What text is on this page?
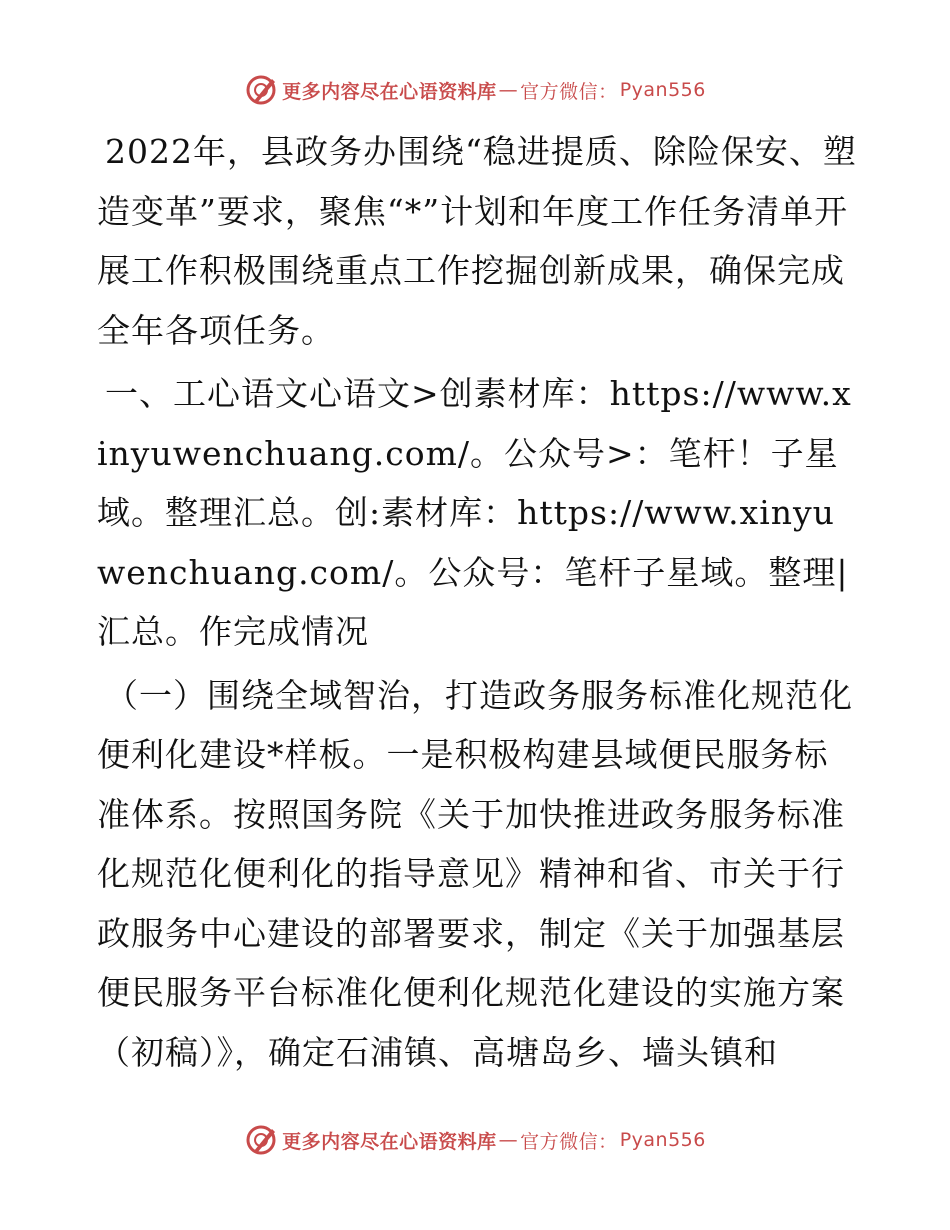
更多内容尽在心语资料库 — 官方微信： Pyan556

2022年，县政务办围绕“稳进提质、除险保安、塑造变革”要求，聚焦“*”计划和年度工作任务清单开展工作积极围绕重点工作挖掘创新成果，确保完成全年各项任务。

一、工心语文心语文>创素材库：https://www.xinyuwenchuang.com/。公众号>：笔杆！子星域。整理汇总。创:素材库：https://www.xinyuwenchuang.com/。公众号：笔杆子星域。整理|汇总。作完成情况

（一）围绕全域智治，打造政务服务标准化规范化便利化建设*样板。一是积极构建县域便民服务标准体系。按照国务院《关于加快推进政务服务标准化规范化便利化的指导意见》精神和省、市关于行政服务中心建设的部署要求，制定《关于加强基层便民服务平台标准化便利化规范化建设的实施方案（初稿）》，确定石浦镇、高塘岛乡、墙头镇和

更多内容尽在心语资料库 — 官方微信： Pyan556
